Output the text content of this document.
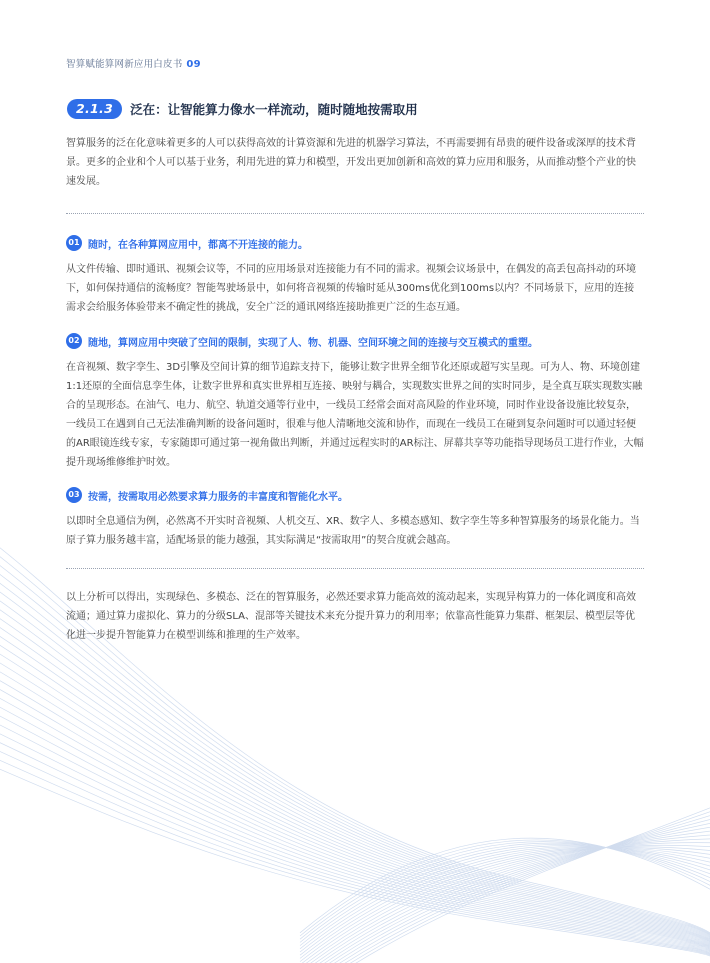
智算赋能算网新应用白皮书 09
2.1.3	泛在：让智能算力像水一样流动，随时随地按需取用

智算服务的泛在化意味着更多的人可以获得高效的计算资源和先进的机器学习算法，不再需要拥有昂贵的硬件设备或深厚的技术背景。更多的企业和个人可以基于业务，利用先进的算力和模型，开发出更加创新和高效的算力应用和服务，从而推动整个产业的快速发展。

01 随时，在各种算网应用中，都离不开连接的能力。

从文件传输、即时通讯、视频会议等，不同的应用场景对连接能力有不同的需求。视频会议场景中，在偶发的高丢包高抖动的环境下，如何保持通信的流畅度？智能驾驶场景中，如何将音视频的传输时延从300ms优化到100ms以内？不同场景下，应用的连接需求会给服务体验带来不确定性的挑战，安全广泛的通讯网络连接助推更广泛的生态互通。

02 随地，算网应用中突破了空间的限制，实现了人、物、机器、空间环境之间的连接与交互模式的重塑。

在音视频、数字孪生、3D引擎及空间计算的细节追踪支持下，能够让数字世界全细节化还原或超写实呈现。可为人、物、环境创建1:1还原的全面信息孪生体，让数字世界和真实世界相互连接、映射与耦合，实现数实世界之间的实时同步，是全真互联实现数实融合的呈现形态。在油气、电力、航空、轨道交通等行业中，一线员工经常会面对高风险的作业环境，同时作业设备设施比较复杂，一线员工在遇到自己无法准确判断的设备问题时，很难与他人清晰地交流和协作，而现在一线员工在碰到复杂问题时可以通过轻便的AR眼镜连线专家，专家随即可通过第一视角做出判断，并通过远程实时的AR标注、屏幕共享等功能指导现场员工进行作业，大幅提升现场维修维护时效。

03 按需，按需取用必然要求算力服务的丰富度和智能化水平。

以即时全息通信为例，必然离不开实时音视频、人机交互、XR、数字人、多模态感知、数字孪生等多种智算服务的场景化能力。当原子算力服务越丰富，适配场景的能力越强，其实际满足“按需取用”的契合度就会越高。

以上分析可以得出，实现绿色、多模态、泛在的智算服务，必然还要求算力能高效的流动起来，实现异构算力的一体化调度和高效流通；通过算力虚拟化、算力的分级SLA、混部等关键技术来充分提升算力的利用率；依靠高性能算力集群、框架层、模型层等优化进一步提升智能算力在模型训练和推理的生产效率。
